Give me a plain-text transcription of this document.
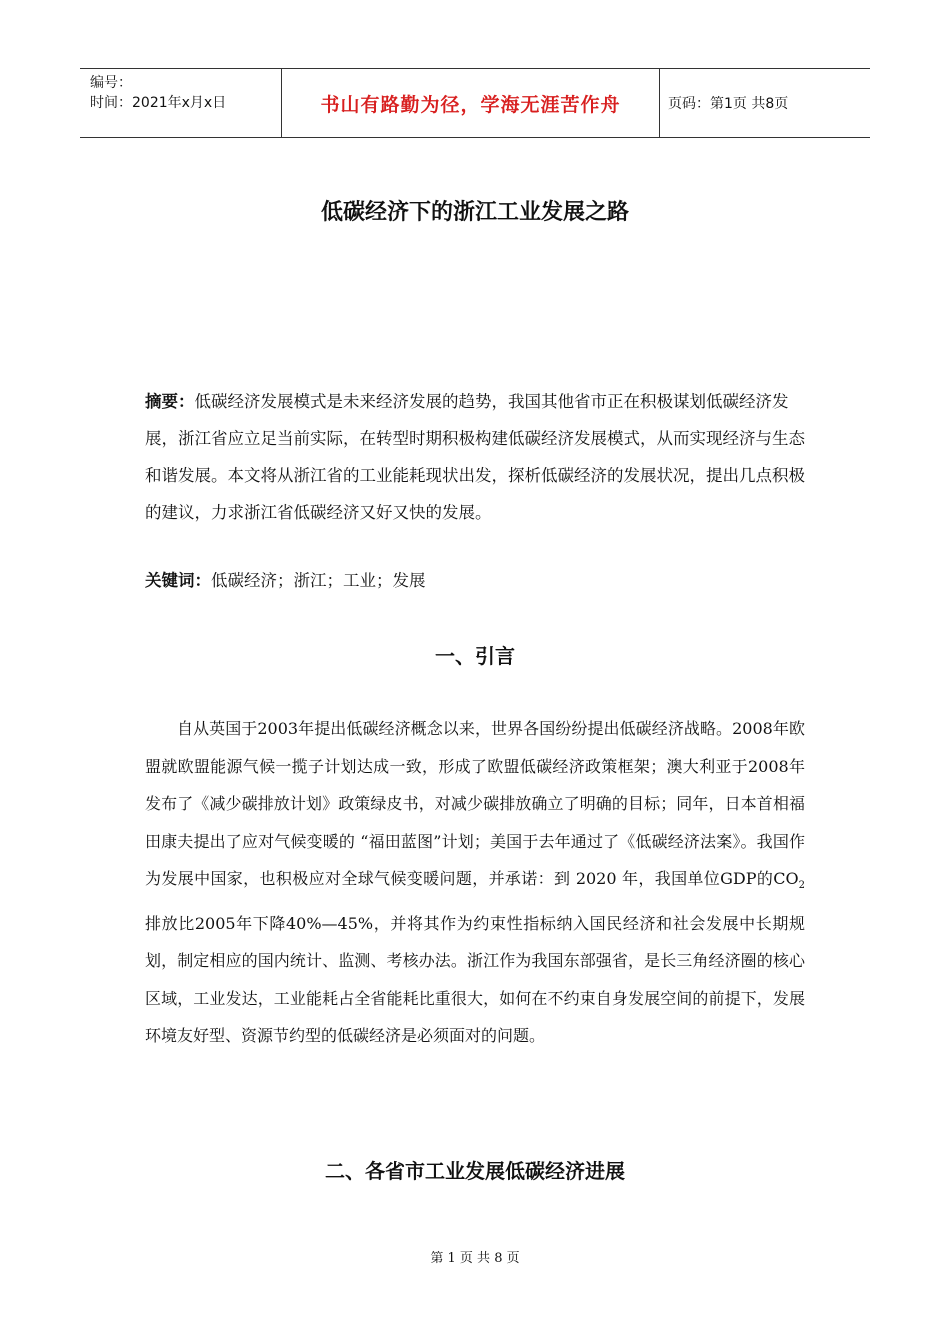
编号：
时间：2021年x月x日	书山有路勤为径，学海无涯苦作舟	页码：第1页 共8页
低碳经济下的浙江工业发展之路
摘要：低碳经济发展模式是未来经济发展的趋势，我国其他省市正在积极谋划低碳经济发展，浙江省应立足当前实际，在转型时期积极构建低碳经济发展模式，从而实现经济与生态和谐发展。本文将从浙江省的工业能耗现状出发，探析低碳经济的发展状况，提出几点积极的建议，力求浙江省低碳经济又好又快的发展。
关键词：低碳经济；浙江；工业；发展
一、引言
自从英国于2003年提出低碳经济概念以来，世界各国纷纷提出低碳经济战略。2008年欧盟就欧盟能源气候一揽子计划达成一致，形成了欧盟低碳经济政策框架；澳大利亚于2008年发布了《减少碳排放计划》政策绿皮书，对减少碳排放确立了明确的目标；同年，日本首相福田康夫提出了应对气候变暖的 “福田蓝图”计划；美国于去年通过了《低碳经济法案》。我国作为发展中国家，也积极应对全球气候变暖问题，并承诺：到 2020 年，我国单位GDP的$CO_2$排放比2005年下降40%—45%，并将其作为约束性指标纳入国民经济和社会发展中长期规划，制定相应的国内统计、监测、考核办法。浙江作为我国东部强省，是长三角经济圈的核心区域，工业发达，工业能耗占全省能耗比重很大，如何在不约束自身发展空间的前提下，发展环境友好型、资源节约型的低碳经济是必须面对的问题。
二、各省市工业发展低碳经济进展
第 1 页 共 8 页
